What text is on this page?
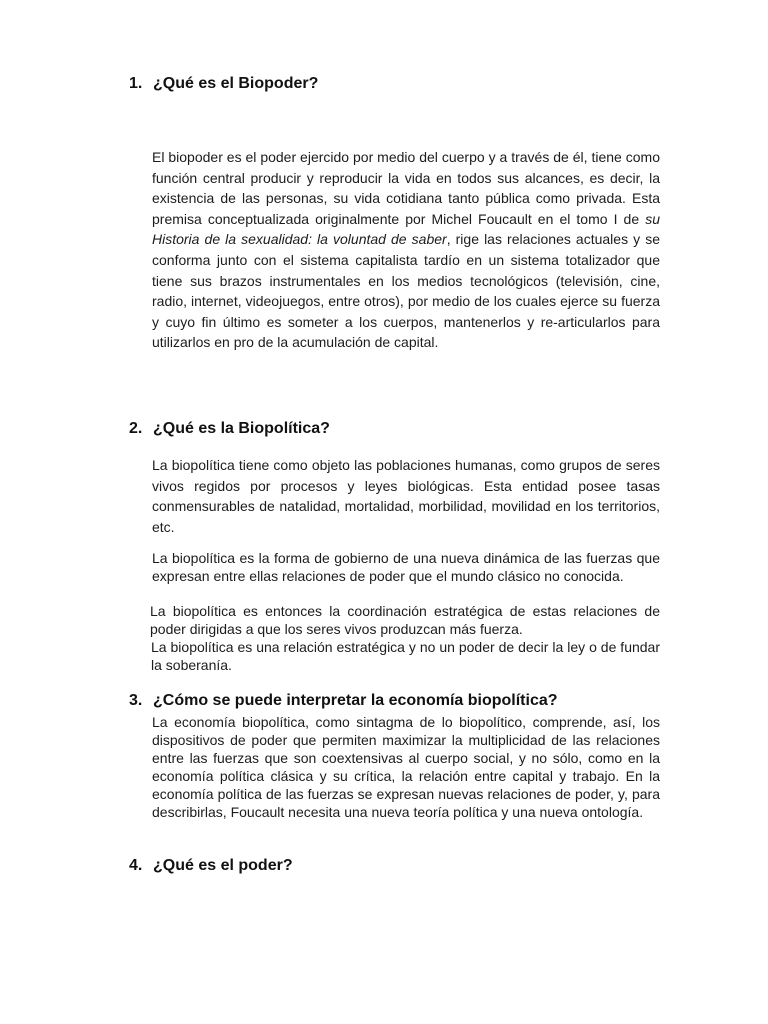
1. ¿Qué es el Biopoder?

El biopoder es el poder ejercido por medio del cuerpo y a través de él, tiene como función central producir y reproducir la vida en todos sus alcances, es decir, la existencia de las personas, su vida cotidiana tanto pública como privada. Esta premisa conceptualizada originalmente por Michel Foucault en el tomo I de su Historia de la sexualidad: la voluntad de saber, rige las relaciones actuales y se conforma junto con el sistema capitalista tardío en un sistema totalizador que tiene sus brazos instrumentales en los medios tecnológicos (televisión, cine, radio, internet, videojuegos, entre otros), por medio de los cuales ejerce su fuerza y cuyo fin último es someter a los cuerpos, mantenerlos y re-articularlos para utilizarlos en pro de la acumulación de capital.

2. ¿Qué es la Biopolítica?

La biopolítica tiene como objeto las poblaciones humanas, como grupos de seres vivos regidos por procesos y leyes biológicas. Esta entidad posee tasas conmensurables de natalidad, mortalidad, morbilidad, movilidad en los territorios, etc.

La biopolítica es la forma de gobierno de una nueva dinámica de las fuerzas que expresan entre ellas relaciones de poder que el mundo clásico no conocida.

La biopolítica es entonces la coordinación estratégica de estas relaciones de poder dirigidas a que los seres vivos produzcan más fuerza.

La biopolítica es una relación estratégica y no un poder de decir la ley o de fundar la soberanía.

3. ¿Cómo se puede interpretar la economía biopolítica?

La economía biopolítica, como sintagma de lo biopolítico, comprende, así, los dispositivos de poder que permiten maximizar la multiplicidad de las relaciones entre las fuerzas que son coextensivas al cuerpo social, y no sólo, como en la economía política clásica y su crítica, la relación entre capital y trabajo. En la economía política de las fuerzas se expresan nuevas relaciones de poder, y, para describirlas, Foucault necesita una nueva teoría política y una nueva ontología.

4. ¿Qué es el poder?
